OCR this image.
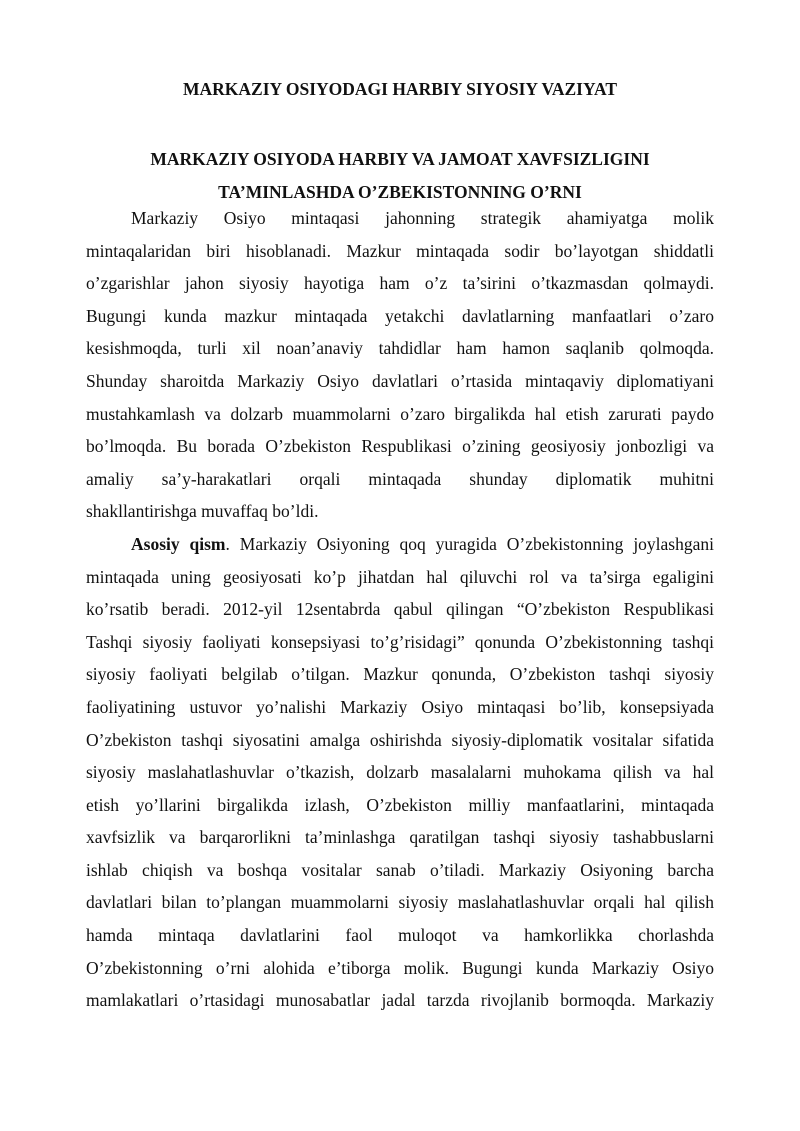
MARKAZIY OSIYODAGI HARBIY SIYOSIY VAZIYAT
MARKAZIY OSIYODA HARBIY VA JAMOAT XAVFSIZLIGINI
TA’MINLASHDA O’ZBEKISTONNING O’RNI
Markaziy Osiyo mintaqasi jahonning strategik ahamiyatga molik
mintaqalaridan biri hisoblanadi. Mazkur mintaqada sodir bo’layotgan shiddatli
o’zgarishlar jahon siyosiy hayotiga ham o’z ta’sirini o’tkazmasdan qolmaydi.
Bugungi kunda mazkur mintaqada yetakchi davlatlarning manfaatlari o’zaro
kesishmoqda, turli xil noan’anaviy tahdidlar ham hamon saqlanib qolmoqda.
Shunday sharoitda Markaziy Osiyo davlatlari o’rtasida mintaqaviy diplomatiyani
mustahkamlash va dolzarb muammolarni o’zaro birgalikda hal etish zarurati paydo
bo’lmoqda. Bu borada O’zbekiston Respublikasi o’zining geosiyosiy jonbozligi va
amaliy sa’y-harakatlari orqali mintaqada shunday diplomatik muhitni
shakllantirishga muvaffaq bo’ldi.
Asosiy qism. Markaziy Osiyoning qoq yuragida O’zbekistonning joylashgani
mintaqada uning geosiyosati ko’p jihatdan hal qiluvchi rol va ta’sirga egaligini
ko’rsatib beradi. 2012-yil 12sentabrda qabul qilingan “O’zbekiston Respublikasi
Tashqi siyosiy faoliyati konsepsiyasi to’g’risidagi” qonunda O’zbekistonning tashqi
siyosiy faoliyati belgilab o’tilgan. Mazkur qonunda, O’zbekiston tashqi siyosiy
faoliyatining ustuvor yo’nalishi Markaziy Osiyo mintaqasi bo’lib, konsepsiyada
O’zbekiston tashqi siyosatini amalga oshirishda siyosiy-diplomatik vositalar sifatida
siyosiy maslahatlashuvlar o’tkazish, dolzarb masalalarni muhokama qilish va hal
etish yo’llarini birgalikda izlash, O’zbekiston milliy manfaatlarini, mintaqada
xavfsizlik va barqarorlikni ta’minlashga qaratilgan tashqi siyosiy tashabbuslarni
ishlab chiqish va boshqa vositalar sanab o’tiladi. Markaziy Osiyoning barcha
davlatlari bilan to’plangan muammolarni siyosiy maslahatlashuvlar orqali hal qilish
hamda mintaqa davlatlarini faol muloqot va hamkorlikka chorlashda
O’zbekistonning o’rni alohida e’tiborga molik. Bugungi kunda Markaziy Osiyo
mamlakatlari o’rtasidagi munosabatlar jadal tarzda rivojlanib bormoqda. Markaziy
